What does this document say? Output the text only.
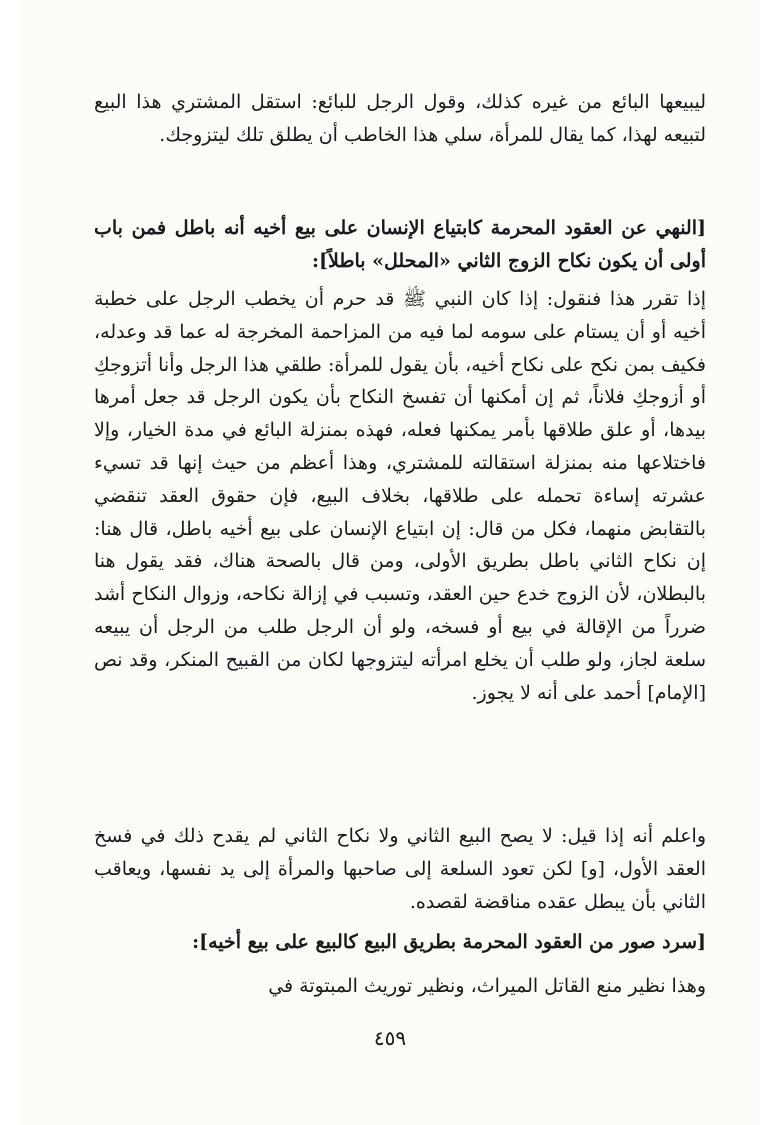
ليبيعها البائع من غيره كذلك، وقول الرجل للبائع: استقل المشتري هذا البيع لتبيعه لهذا، كما يقال للمرأة، سلي هذا الخاطب أن يطلق تلك ليتزوجك.

[النهي عن العقود المحرمة كابتياع الإنسان على بيع أخيه أنه باطل فمن باب أولى أن يكون نكاح الزوج الثاني «المحلل» باطلاً]:

إذا تقرر هذا فنقول: إذا كان النبي ﷺ قد حرم أن يخطب الرجل على خطبة أخيه أو أن يستام على سومه لما فيه من المزاحمة المخرجة له عما قد وعدله، فكيف بمن نكح على نكاح أخيه، بأن يقول للمرأة: طلقي هذا الرجل وأنا أتزوجكِ أو أزوجكِ فلاناً، ثم إن أمكنها أن تفسخ النكاح بأن يكون الرجل قد جعل أمرها بيدها، أو علق طلاقها بأمر يمكنها فعله، فهذه بمنزلة البائع في مدة الخيار، وإلا فاختلاعها منه بمنزلة استقالته للمشتري، وهذا أعظم من حيث إنها قد تسيء عشرته إساءة تحمله على طلاقها، بخلاف البيع، فإن حقوق العقد تنقضي بالتقابض منهما، فكل من قال: إن ابتياع الإنسان على بيع أخيه باطل، قال هنا: إن نكاح الثاني باطل بطريق الأولى، ومن قال بالصحة هناك، فقد يقول هنا بالبطلان، لأن الزوج خدع حين العقد، وتسبب في إزالة نكاحه، وزوال النكاح أشد ضرراً من الإقالة في بيع أو فسخه، ولو أن الرجل طلب من الرجل أن يبيعه سلعة لجاز، ولو طلب أن يخلع امرأته ليتزوجها لكان من القبيح المنكر، وقد نص [الإمام] أحمد على أنه لا يجوز.

واعلم أنه إذا قيل: لا يصح البيع الثاني ولا نكاح الثاني لم يقدح ذلك في فسخ العقد الأول، [و] لكن تعود السلعة إلى صاحبها والمرأة إلى يد نفسها، ويعاقب الثاني بأن يبطل عقده مناقضة لقصده.

[سرد صور من العقود المحرمة بطريق البيع كالبيع على بيع أخيه]:

وهذا نظير منع القاتل الميراث، ونظير توريث المبتوتة في

٤٥٩
